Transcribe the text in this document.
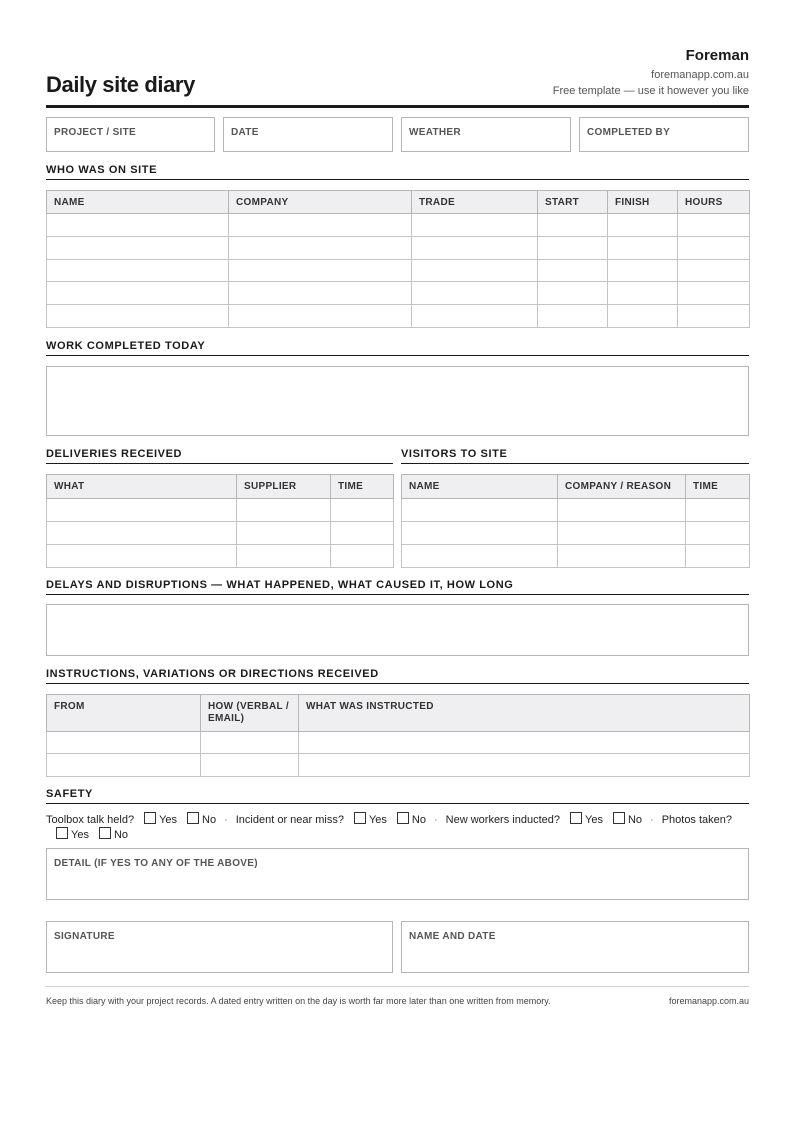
Daily site diary
Foreman
foremanapp.com.au
Free template — use it however you like
PROJECT / SITE	DATE	WEATHER	COMPLETED BY
WHO WAS ON SITE
NAME	COMPANY	TRADE	START	FINISH	HOURS

WORK COMPLETED TODAY
DELIVERIES RECEIVED
WHAT	SUPPLIER	TIME

VISITORS TO SITE
NAME	COMPANY / REASON	TIME

DELAYS AND DISRUPTIONS — WHAT HAPPENED, WHAT CAUSED IT, HOW LONG
INSTRUCTIONS, VARIATIONS OR DIRECTIONS RECEIVED
FROM	HOW (VERBAL / EMAIL)	WHAT WAS INSTRUCTED

SAFETY
Toolbox talk held? Yes No · Incident or near miss? Yes No · New workers inducted? Yes No · Photos taken?Yes No
DETAIL (IF YES TO ANY OF THE ABOVE)
SIGNATURE	NAME AND DATE
Keep this diary with your project records. A dated entry written on the day is worth far more later than one written from memory.	foremanapp.com.au
